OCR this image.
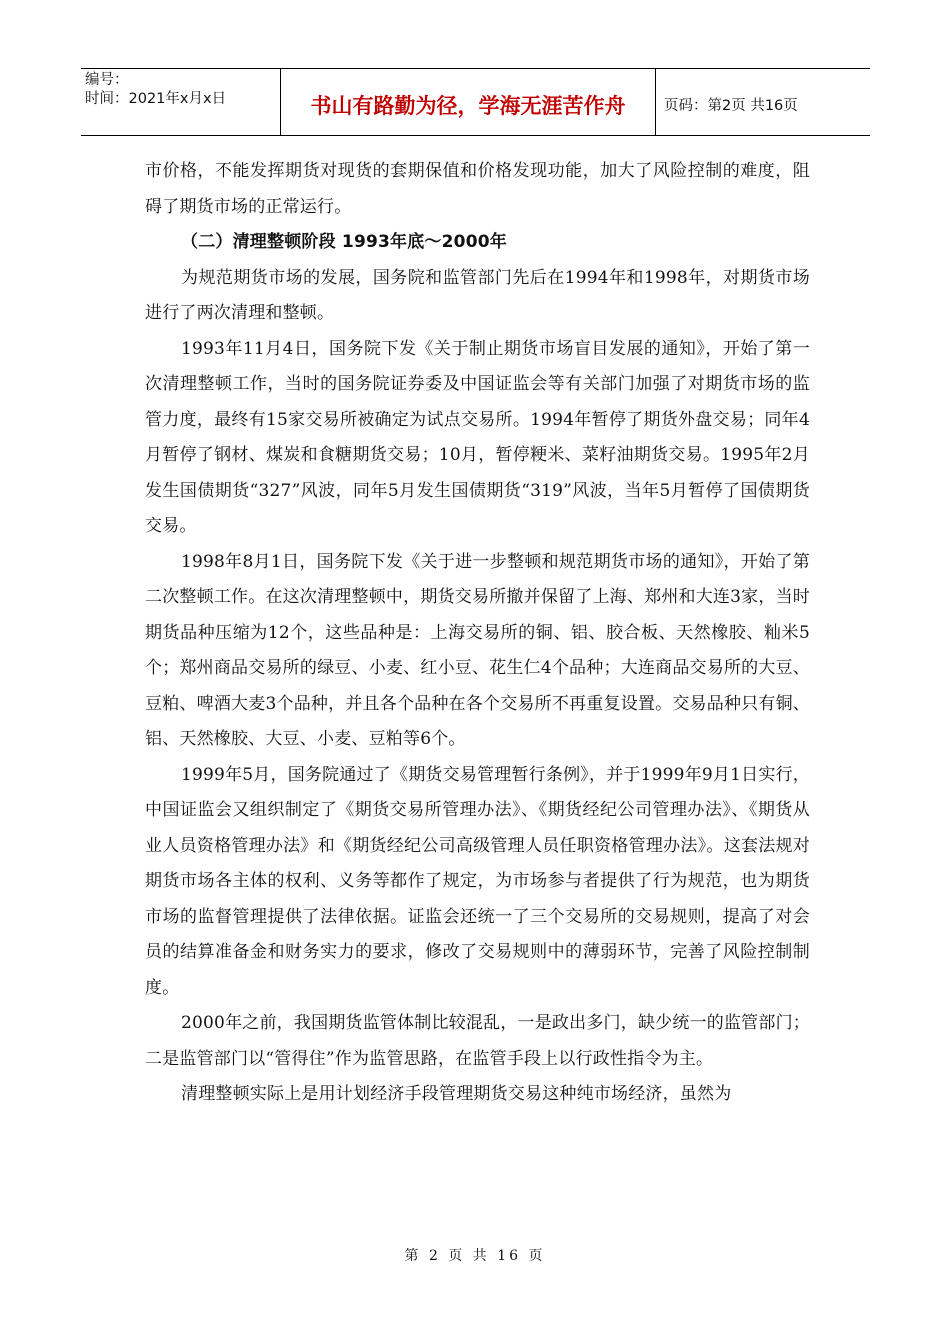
编号：
时间：2021年x月x日	书山有路勤为径，学海无涯苦作舟	页码：第2页 共16页

市价格，不能发挥期货对现货的套期保值和价格发现功能，加大了风险控制的难度，阻碍了期货市场的正常运行。

（二）清理整顿阶段 1993年底～2000年

为规范期货市场的发展，国务院和监管部门先后在1994年和1998年，对期货市场进行了两次清理和整顿。

1993年11月4日，国务院下发《关于制止期货市场盲目发展的通知》，开始了第一次清理整顿工作，当时的国务院证券委及中国证监会等有关部门加强了对期货市场的监管力度，最终有15家交易所被确定为试点交易所。1994年暂停了期货外盘交易；同年4月暂停了钢材、煤炭和食糖期货交易；10月，暂停粳米、菜籽油期货交易。1995年2月发生国债期货“327”风波，同年5月发生国债期货“319”风波，当年5月暂停了国债期货交易。

1998年8月1日，国务院下发《关于进一步整顿和规范期货市场的通知》，开始了第二次整顿工作。在这次清理整顿中，期货交易所撤并保留了上海、郑州和大连3家，当时期货品种压缩为12个，这些品种是：上海交易所的铜、铝、胶合板、天然橡胶、籼米5个；郑州商品交易所的绿豆、小麦、红小豆、花生仁4个品种；大连商品交易所的大豆、豆粕、啤酒大麦3个品种，并且各个品种在各个交易所不再重复设置。交易品种只有铜、铝、天然橡胶、大豆、小麦、豆粕等6个。

1999年5月，国务院通过了《期货交易管理暂行条例》，并于1999年9月1日实行，中国证监会又组织制定了《期货交易所管理办法》、《期货经纪公司管理办法》、《期货从业人员资格管理办法》和《期货经纪公司高级管理人员任职资格管理办法》。这套法规对期货市场各主体的权利、义务等都作了规定，为市场参与者提供了行为规范，也为期货市场的监督管理提供了法律依据。证监会还统一了三个交易所的交易规则，提高了对会员的结算准备金和财务实力的要求，修改了交易规则中的薄弱环节，完善了风险控制制度。

2000年之前，我国期货监管体制比较混乱，一是政出多门，缺少统一的监管部门；二是监管部门以“管得住”作为监管思路，在监管手段上以行政性指令为主。

清理整顿实际上是用计划经济手段管理期货交易这种纯市场经济，虽然为

第 2 页 共 16 页
